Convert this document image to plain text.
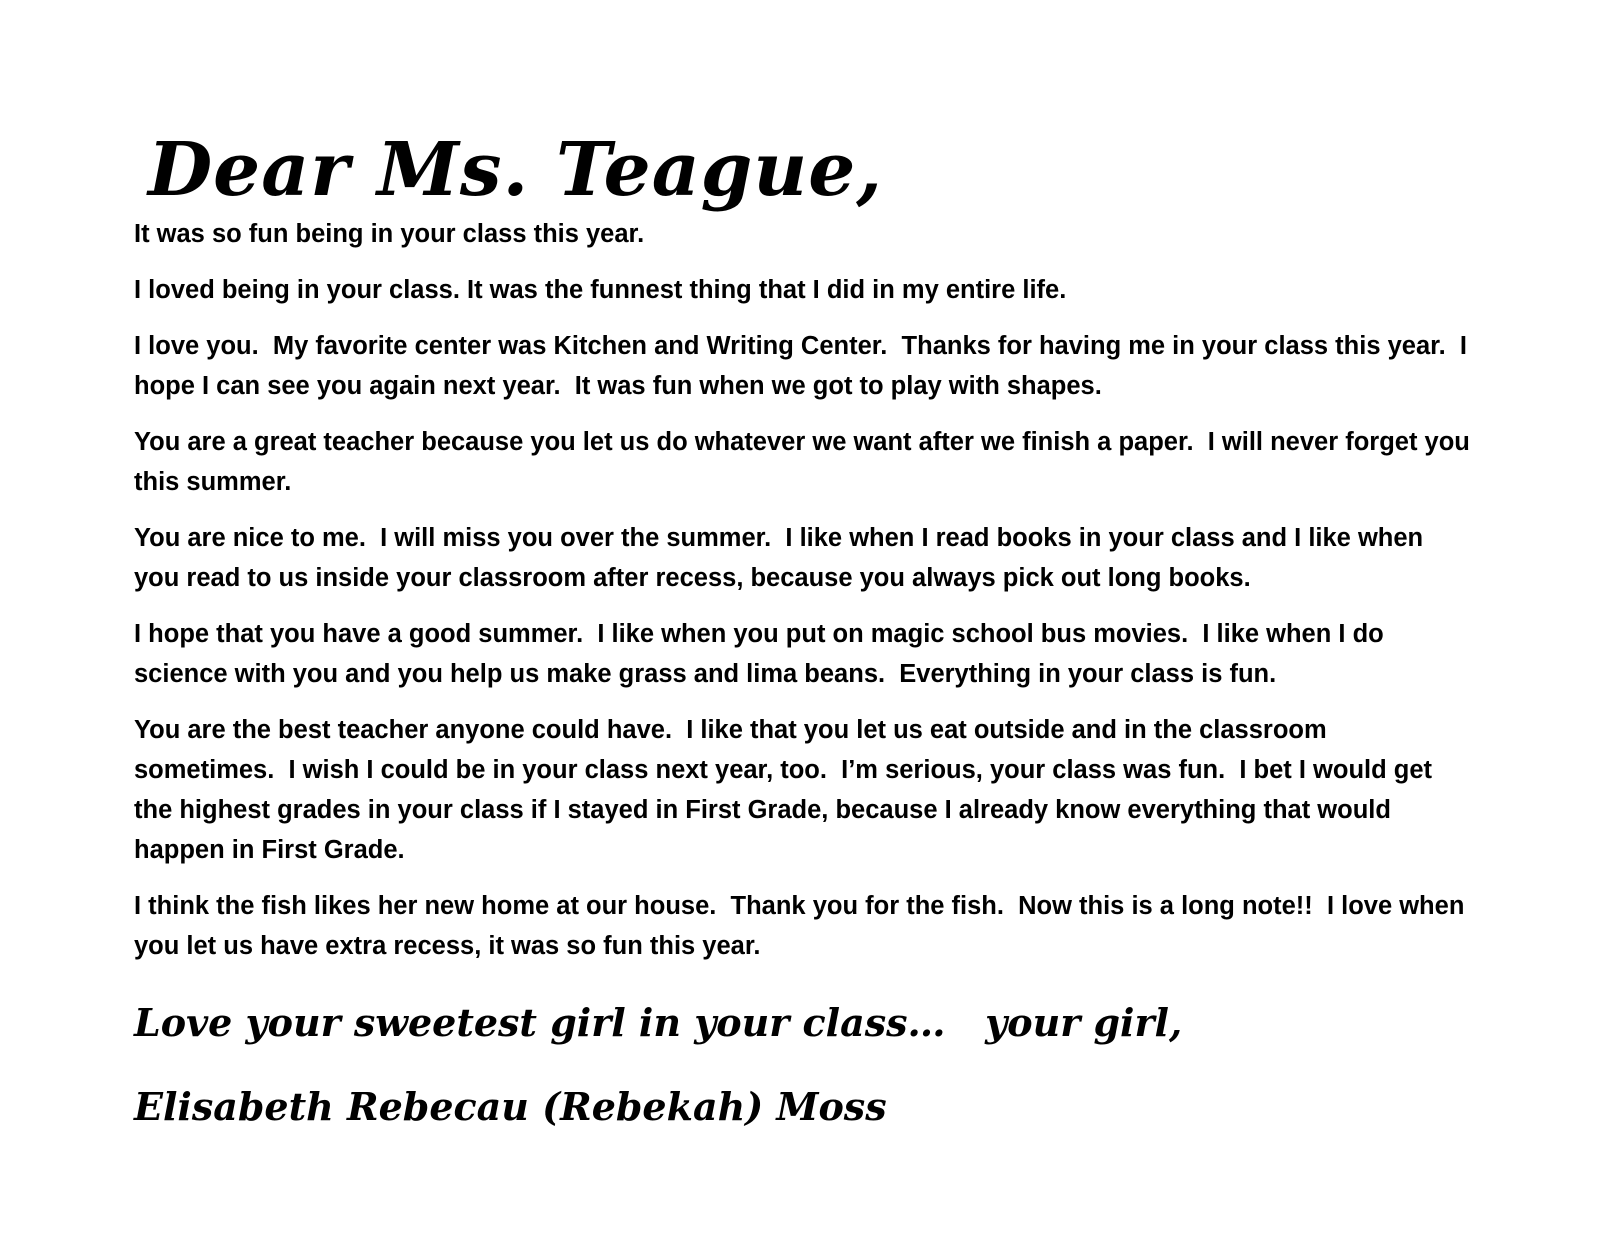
Dear Ms. Teague,

It was so fun being in your class this year.

I loved being in your class. It was the funnest thing that I did in my entire life.

I love you.  My favorite center was Kitchen and Writing Center.  Thanks for having me in your class this year.  I hope I can see you again next year.  It was fun when we got to play with shapes.

You are a great teacher because you let us do whatever we want after we finish a paper.  I will never forget you this summer.

You are nice to me.  I will miss you over the summer.  I like when I read books in your class and I like when you read to us inside your classroom after recess, because you always pick out long books.

I hope that you have a good summer.  I like when you put on magic school bus movies.  I like when I do science with you and you help us make grass and lima beans.  Everything in your class is fun.

You are the best teacher anyone could have.  I like that you let us eat outside and in the classroom sometimes.  I wish I could be in your class next year, too.  I’m serious, your class was fun.  I bet I would get the highest grades in your class if I stayed in First Grade, because I already know everything that would happen in First Grade.

I think the fish likes her new home at our house.  Thank you for the fish.  Now this is a long note!!  I love when you let us have extra recess, it was so fun this year.

Love your sweetest girl in your class…   your girl,

Elisabeth Rebecau (Rebekah) Moss
